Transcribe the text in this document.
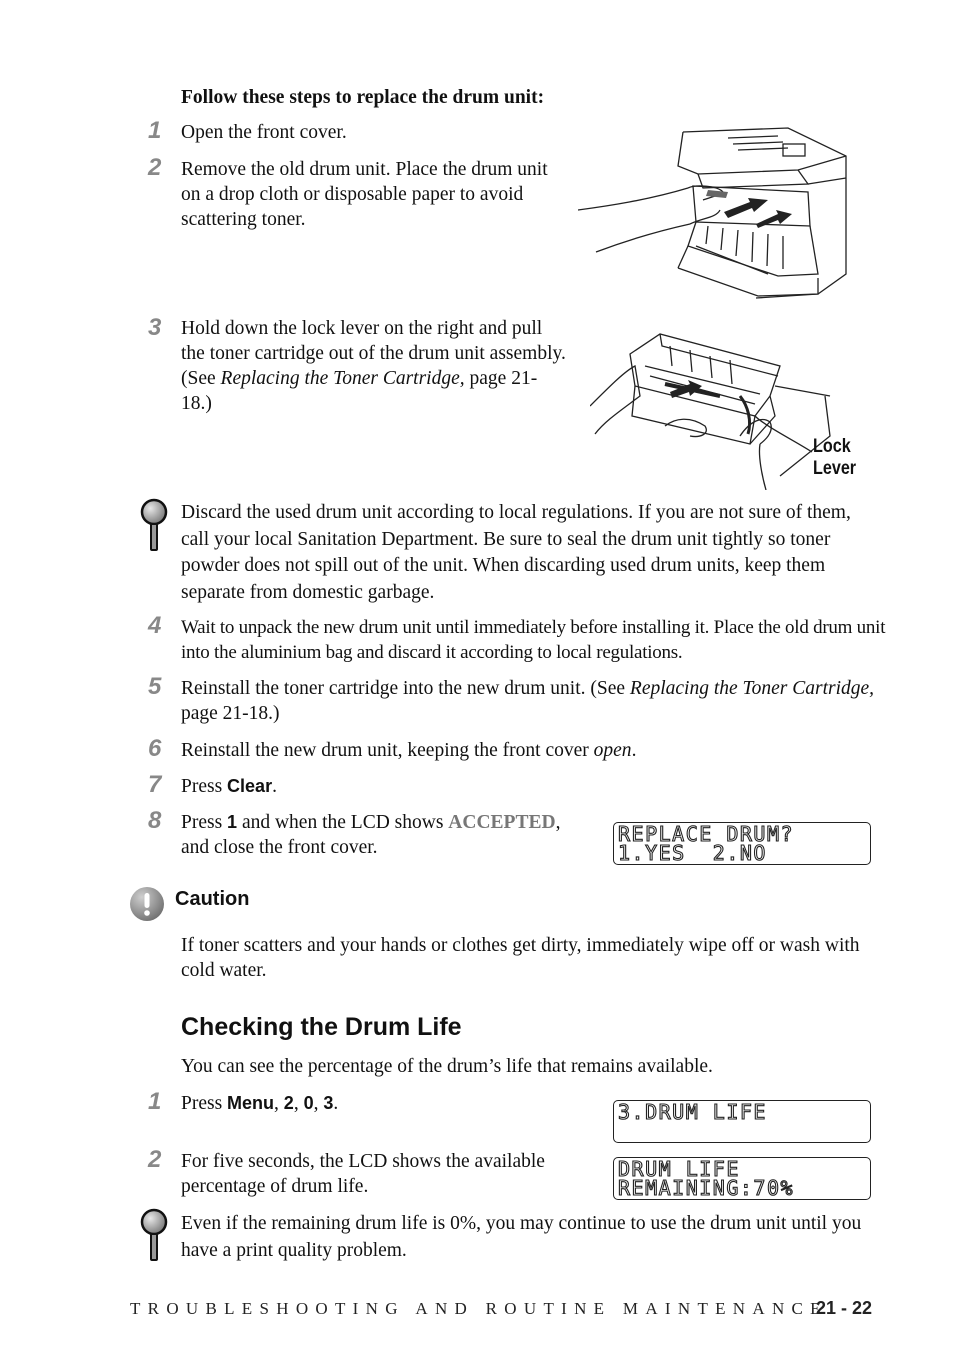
Follow these steps to replace the drum unit:
1 Open the front cover.
2 Remove the old drum unit. Place the drum unit on a drop cloth or disposable paper to avoid scattering toner.
3 Hold down the lock lever on the right and pull the toner cartridge out of the drum unit assembly. (See Replacing the Toner Cartridge, page 21-18.)
Lock
Lever
Discard the used drum unit according to local regulations. If you are not sure of them, call your local Sanitation Department. Be sure to seal the drum unit tightly so toner powder does not spill out of the unit. When discarding used drum units, keep them separate from domestic garbage.
4 Wait to unpack the new drum unit until immediately before installing it. Place the old drum unit into the aluminium bag and discard it according to local regulations.
5 Reinstall the toner cartridge into the new drum unit. (See Replacing the Toner Cartridge, page 21-18.)
6 Reinstall the new drum unit, keeping the front cover open.
7 Press Clear.
8 Press 1 and when the LCD shows ACCEPTED, and close the front cover.
REPLACE DRUM?
1.YES  2.NO
Caution
If toner scatters and your hands or clothes get dirty, immediately wipe off or wash with cold water.
Checking the Drum Life
You can see the percentage of the drum’s life that remains available.
1 Press Menu, 2, 0, 3.	3.DRUM LIFE
2 For five seconds, the LCD shows the available percentage of drum life.
DRUM LIFE
REMAINING:70%
Even if the remaining drum life is 0%, you may continue to use the drum unit until you have a print quality problem.
TROUBLESHOOTING AND ROUTINE MAINTENANCE
21 - 22
